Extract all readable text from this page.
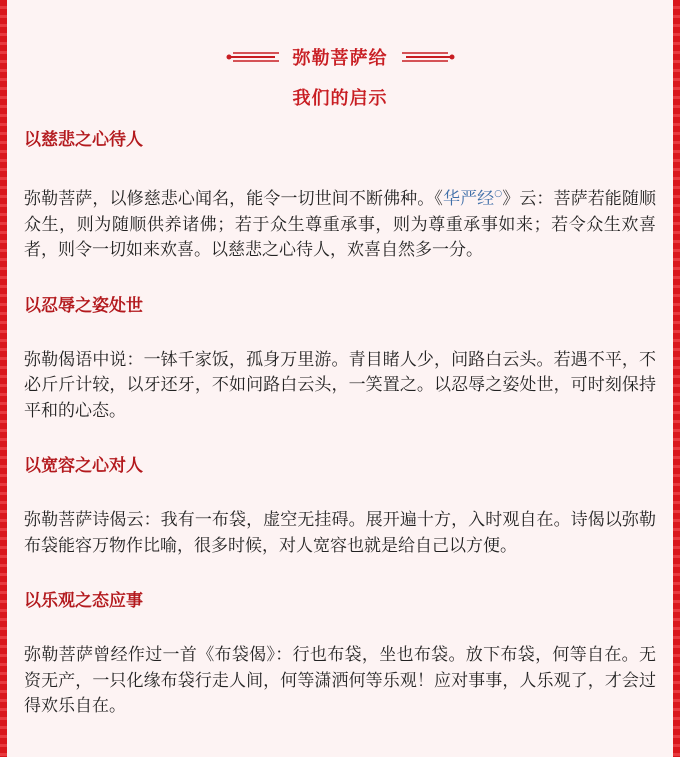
弥勒菩萨给
我们的启示
以慈悲之心待人
弥勒菩萨，以修慈悲心闻名，能令一切世间不断佛种。《华严经○》云：菩萨若能随顺众生，则为随顺供养诸佛；若于众生尊重承事，则为尊重承事如来；若令众生欢喜者，则令一切如来欢喜。以慈悲之心待人，欢喜自然多一分。
以忍辱之姿处世
弥勒偈语中说：一钵千家饭，孤身万里游。青目睹人少，问路白云头。若遇不平，不必斤斤计较，以牙还牙，不如问路白云头，一笑置之。以忍辱之姿处世，可时刻保持平和的心态。
以宽容之心对人
弥勒菩萨诗偈云：我有一布袋，虚空无挂碍。展开遍十方，入时观自在。诗偈以弥勒布袋能容万物作比喻，很多时候，对人宽容也就是给自己以方便。
以乐观之态应事
弥勒菩萨曾经作过一首《布袋偈》：行也布袋，坐也布袋。放下布袋，何等自在。无资无产，一只化缘布袋行走人间，何等潇洒何等乐观！应对事事，人乐观了，才会过得欢乐自在。
